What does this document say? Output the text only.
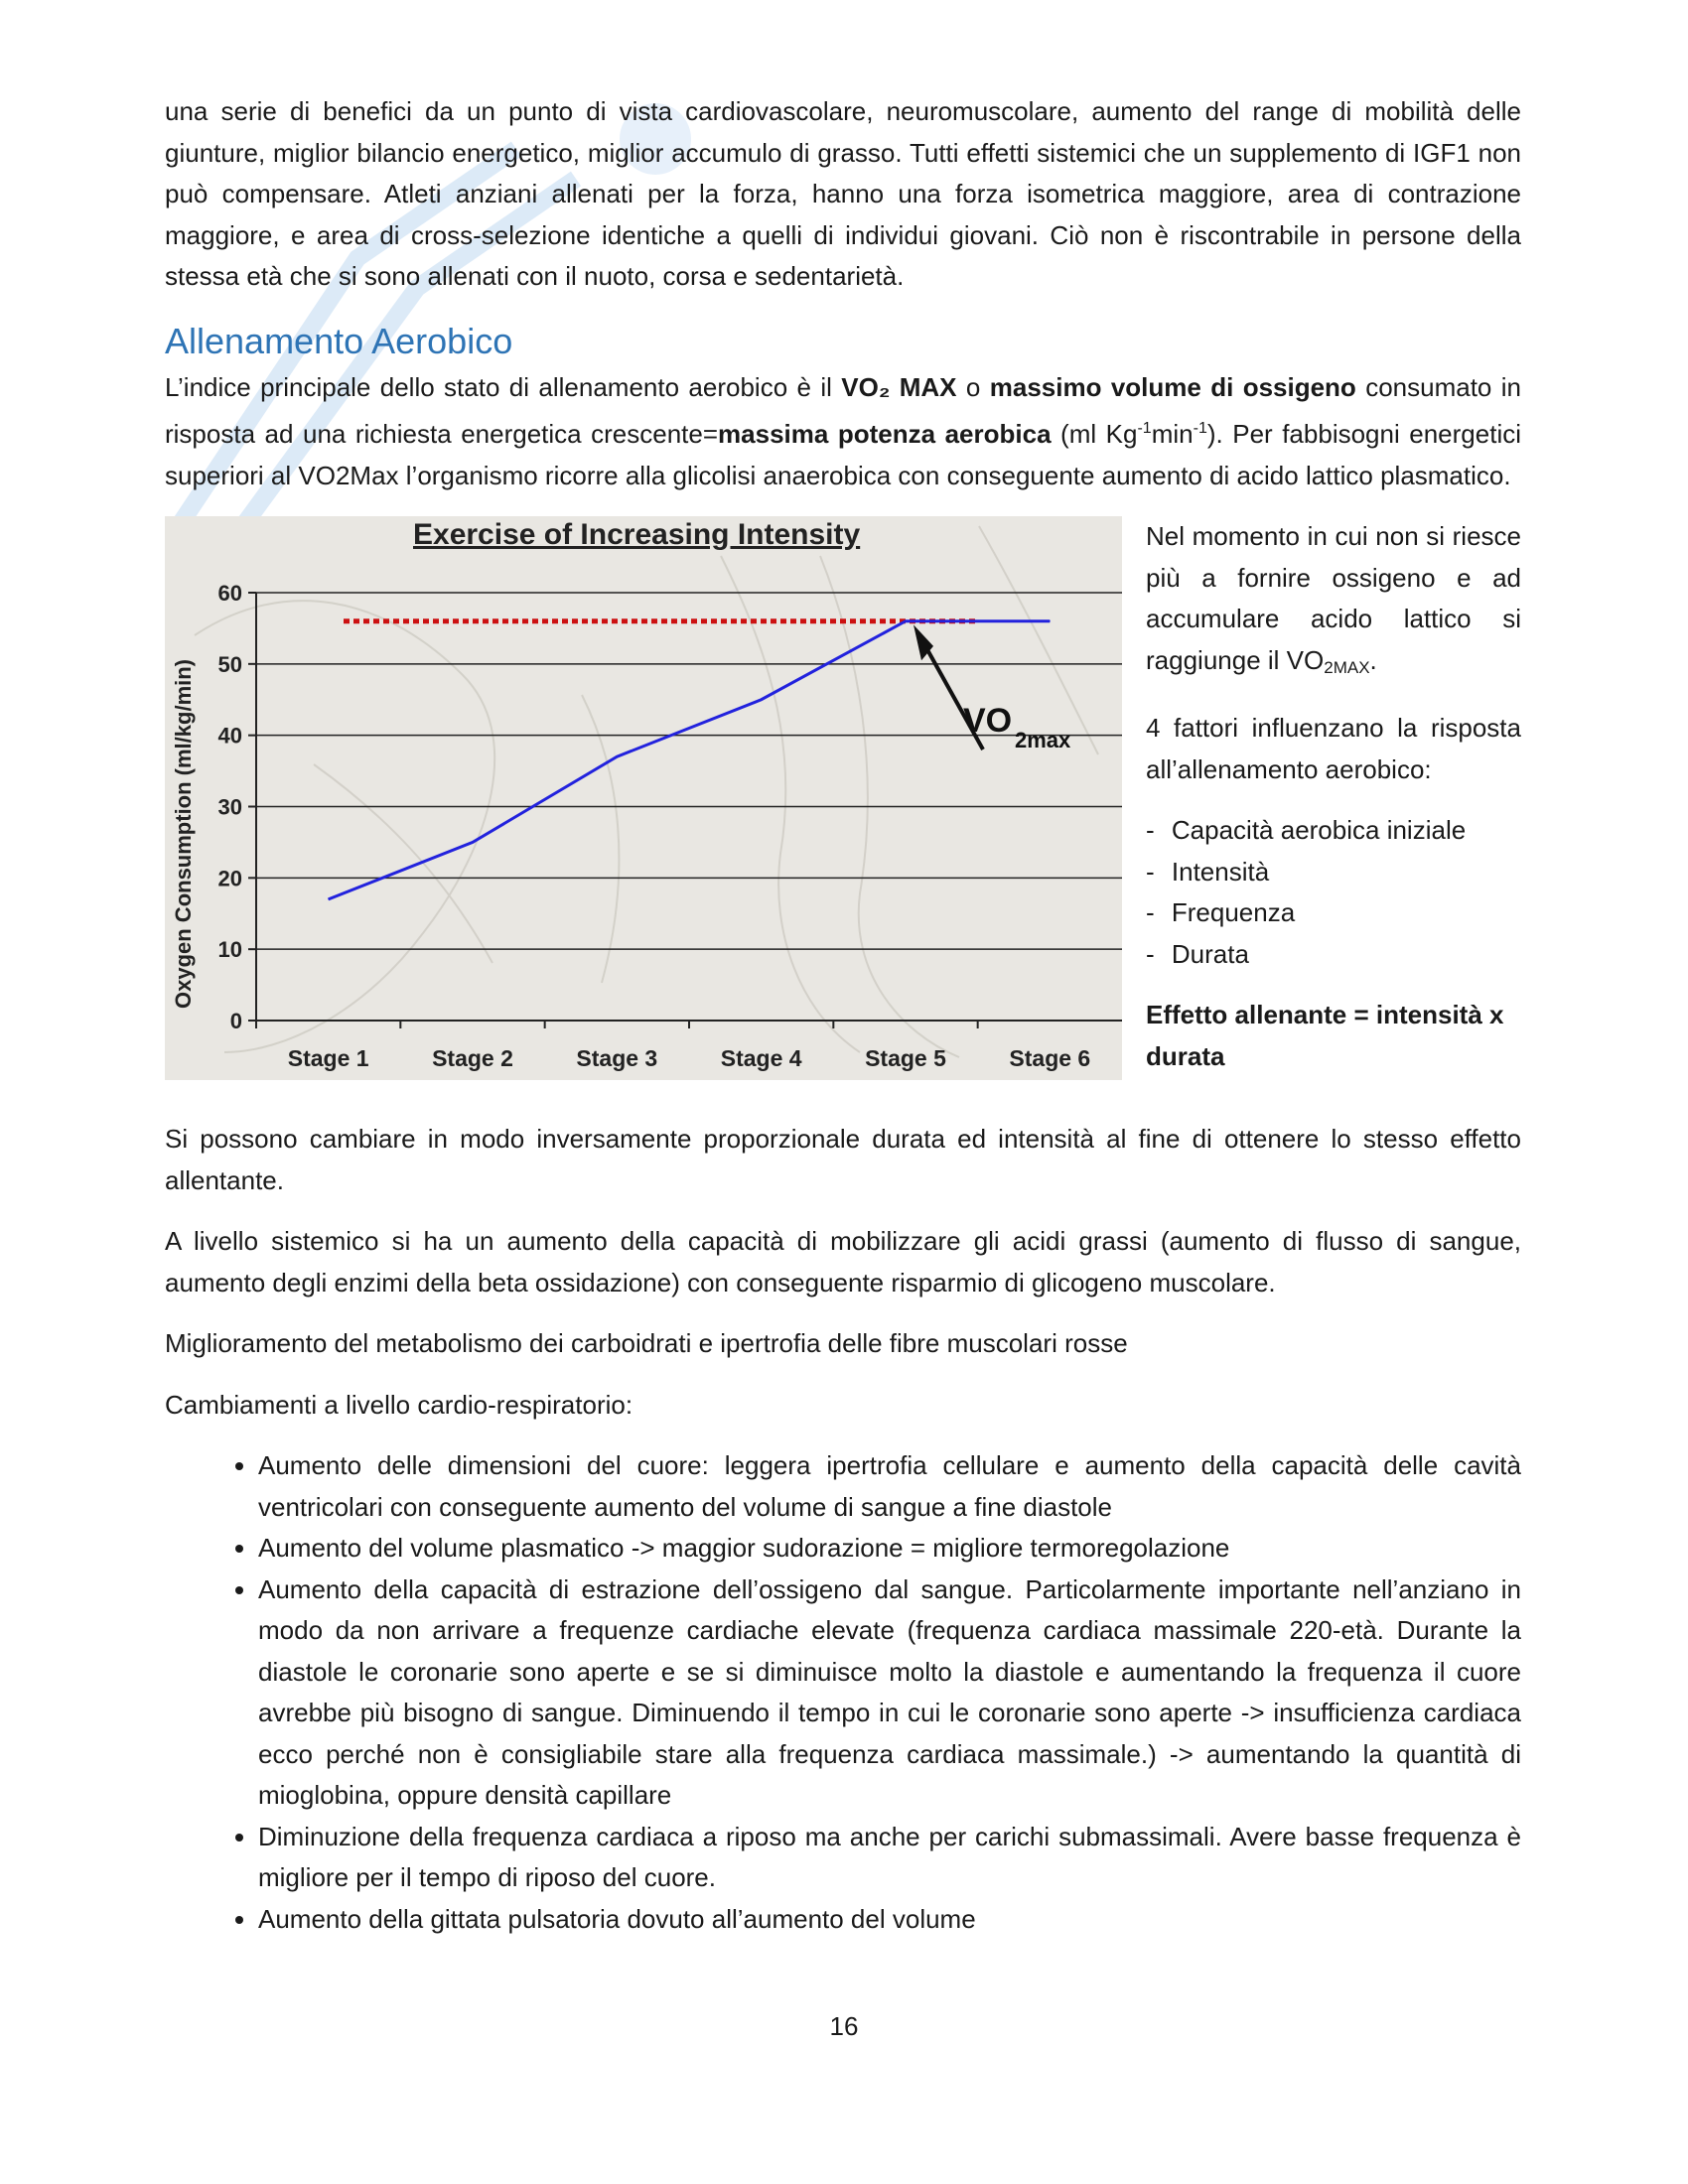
una serie di benefici da un punto di vista cardiovascolare, neuromuscolare, aumento del range di mobilità delle giunture, miglior bilancio energetico, miglior accumulo di grasso. Tutti effetti sistemici che un supplemento di IGF1 non può compensare. Atleti anziani allenati per la forza, hanno una forza isometrica maggiore, area di contrazione maggiore, e area di cross-selezione identiche a quelli di individui giovani. Ciò non è riscontrabile in persone della stessa età che si sono allenati con il nuoto, corsa e sedentarietà.

Allenamento Aerobico

L’indice principale dello stato di allenamento aerobico è il VO₂ MAX o massimo volume di ossigeno consumato in risposta ad una richiesta energetica crescente=massima potenza aerobica (ml $Kg^{-1}\min^{-1}$). Per fabbisogni energetici superiori al VO2Max l’organismo ricorre alla glicolisi anaerobica con conseguente aumento di acido lattico plasmatico.

Exercise of Increasing Intensity
Oxygen Consumption (ml/kg/min)
0
10
20
30
40
50
60
Stage 1	Stage 2	Stage 3	Stage 4	Stage 5	Stage 6
VO
2max

Nel momento in cui non si riesce più a fornire ossigeno e ad accumulare acido lattico si raggiunge il $VO_{2MAX}$.

4 fattori influenzano la risposta all’allenamento aerobico:

- Capacità aerobica iniziale
- Intensità
- Frequenza
- Durata

Effetto allenante = intensità x durata

Si possono cambiare in modo inversamente proporzionale durata ed intensità al fine di ottenere lo stesso effetto allentante.

A livello sistemico si ha un aumento della capacità di mobilizzare gli acidi grassi (aumento di flusso di sangue, aumento degli enzimi della beta ossidazione) con conseguente risparmio di glicogeno muscolare.

Miglioramento del metabolismo dei carboidrati e ipertrofia delle fibre muscolari rosse

Cambiamenti a livello cardio-respiratorio:

• Aumento delle dimensioni del cuore: leggera ipertrofia cellulare e aumento della capacità delle cavità ventricolari con conseguente aumento del volume di sangue a fine diastole
• Aumento del volume plasmatico -> maggior sudorazione = migliore termoregolazione
• Aumento della capacità di estrazione dell’ossigeno dal sangue. Particolarmente importante nell’anziano in modo da non arrivare a frequenze cardiache elevate (frequenza cardiaca massimale 220-età. Durante la diastole le coronarie sono aperte e se si diminuisce molto la diastole e aumentando la frequenza il cuore avrebbe più bisogno di sangue. Diminuendo il tempo in cui le coronarie sono aperte -> insufficienza cardiaca ecco perché non è consigliabile stare alla frequenza cardiaca massimale.) -> aumentando la quantità di mioglobina, oppure densità capillare
• Diminuzione della frequenza cardiaca a riposo ma anche per carichi submassimali. Avere basse frequenza è migliore per il tempo di riposo del cuore.
• Aumento della gittata pulsatoria dovuto all’aumento del volume
16
